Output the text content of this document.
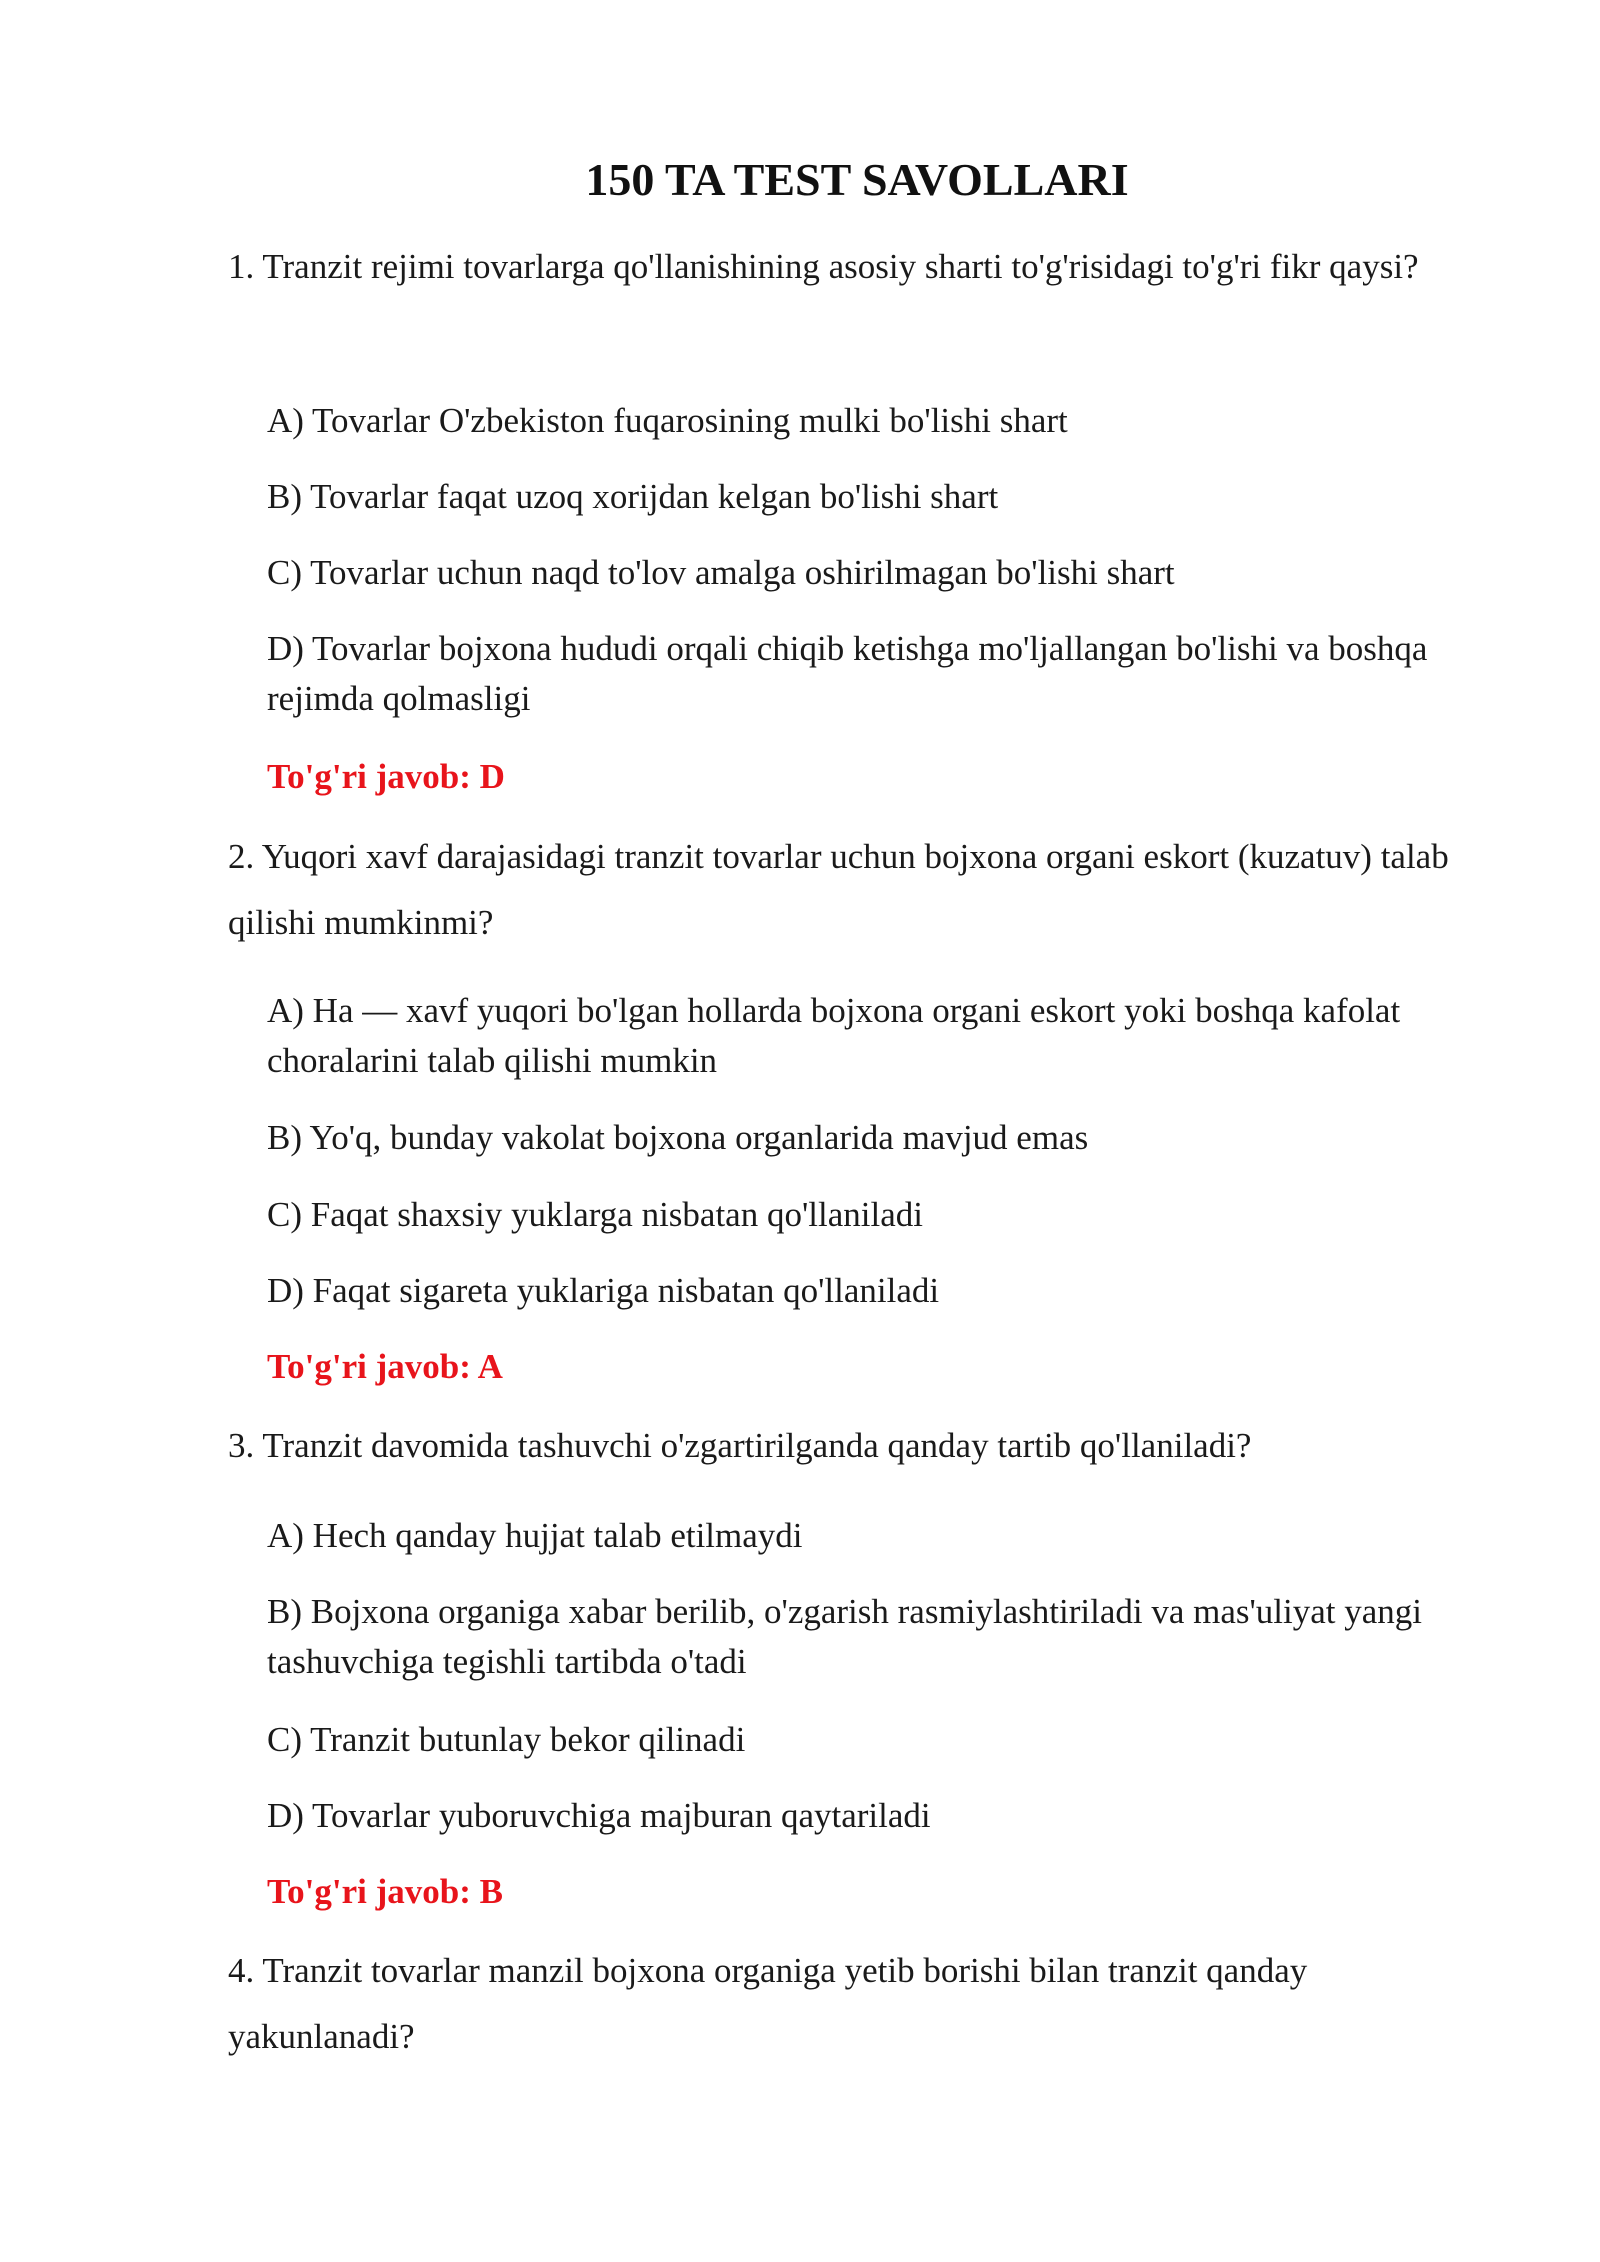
150 TA TEST SAVOLLARI
1. Tranzit rejimi tovarlarga qo'llanishining asosiy sharti to'g'risidagi to'g'ri fikr qaysi?
A) Tovarlar O'zbekiston fuqarosining mulki bo'lishi shart
B) Tovarlar faqat uzoq xorijdan kelgan bo'lishi shart
C) Tovarlar uchun naqd to'lov amalga oshirilmagan bo'lishi shart
D) Tovarlar bojxona hududi orqali chiqib ketishga mo'ljallangan bo'lishi va boshqa rejimda qolmasligi
To'g'ri javob: D
2. Yuqori xavf darajasidagi tranzit tovarlar uchun bojxona organi eskort (kuzatuv) talab qilishi mumkinmi?
A) Ha — xavf yuqori bo'lgan hollarda bojxona organi eskort yoki boshqa kafolat choralarini talab qilishi mumkin
B) Yo'q, bunday vakolat bojxona organlarida mavjud emas
C) Faqat shaxsiy yuklarga nisbatan qo'llaniladi
D) Faqat sigareta yuklariga nisbatan qo'llaniladi
To'g'ri javob: A
3. Tranzit davomida tashuvchi o'zgartirilganda qanday tartib qo'llaniladi?
A) Hech qanday hujjat talab etilmaydi
B) Bojxona organiga xabar berilib, o'zgarish rasmiylashtiriladi va mas'uliyat yangi tashuvchiga tegishli tartibda o'tadi
C) Tranzit butunlay bekor qilinadi
D) Tovarlar yuboruvchiga majburan qaytariladi
To'g'ri javob: B
4. Tranzit tovarlar manzil bojxona organiga yetib borishi bilan tranzit qanday yakunlanadi?
